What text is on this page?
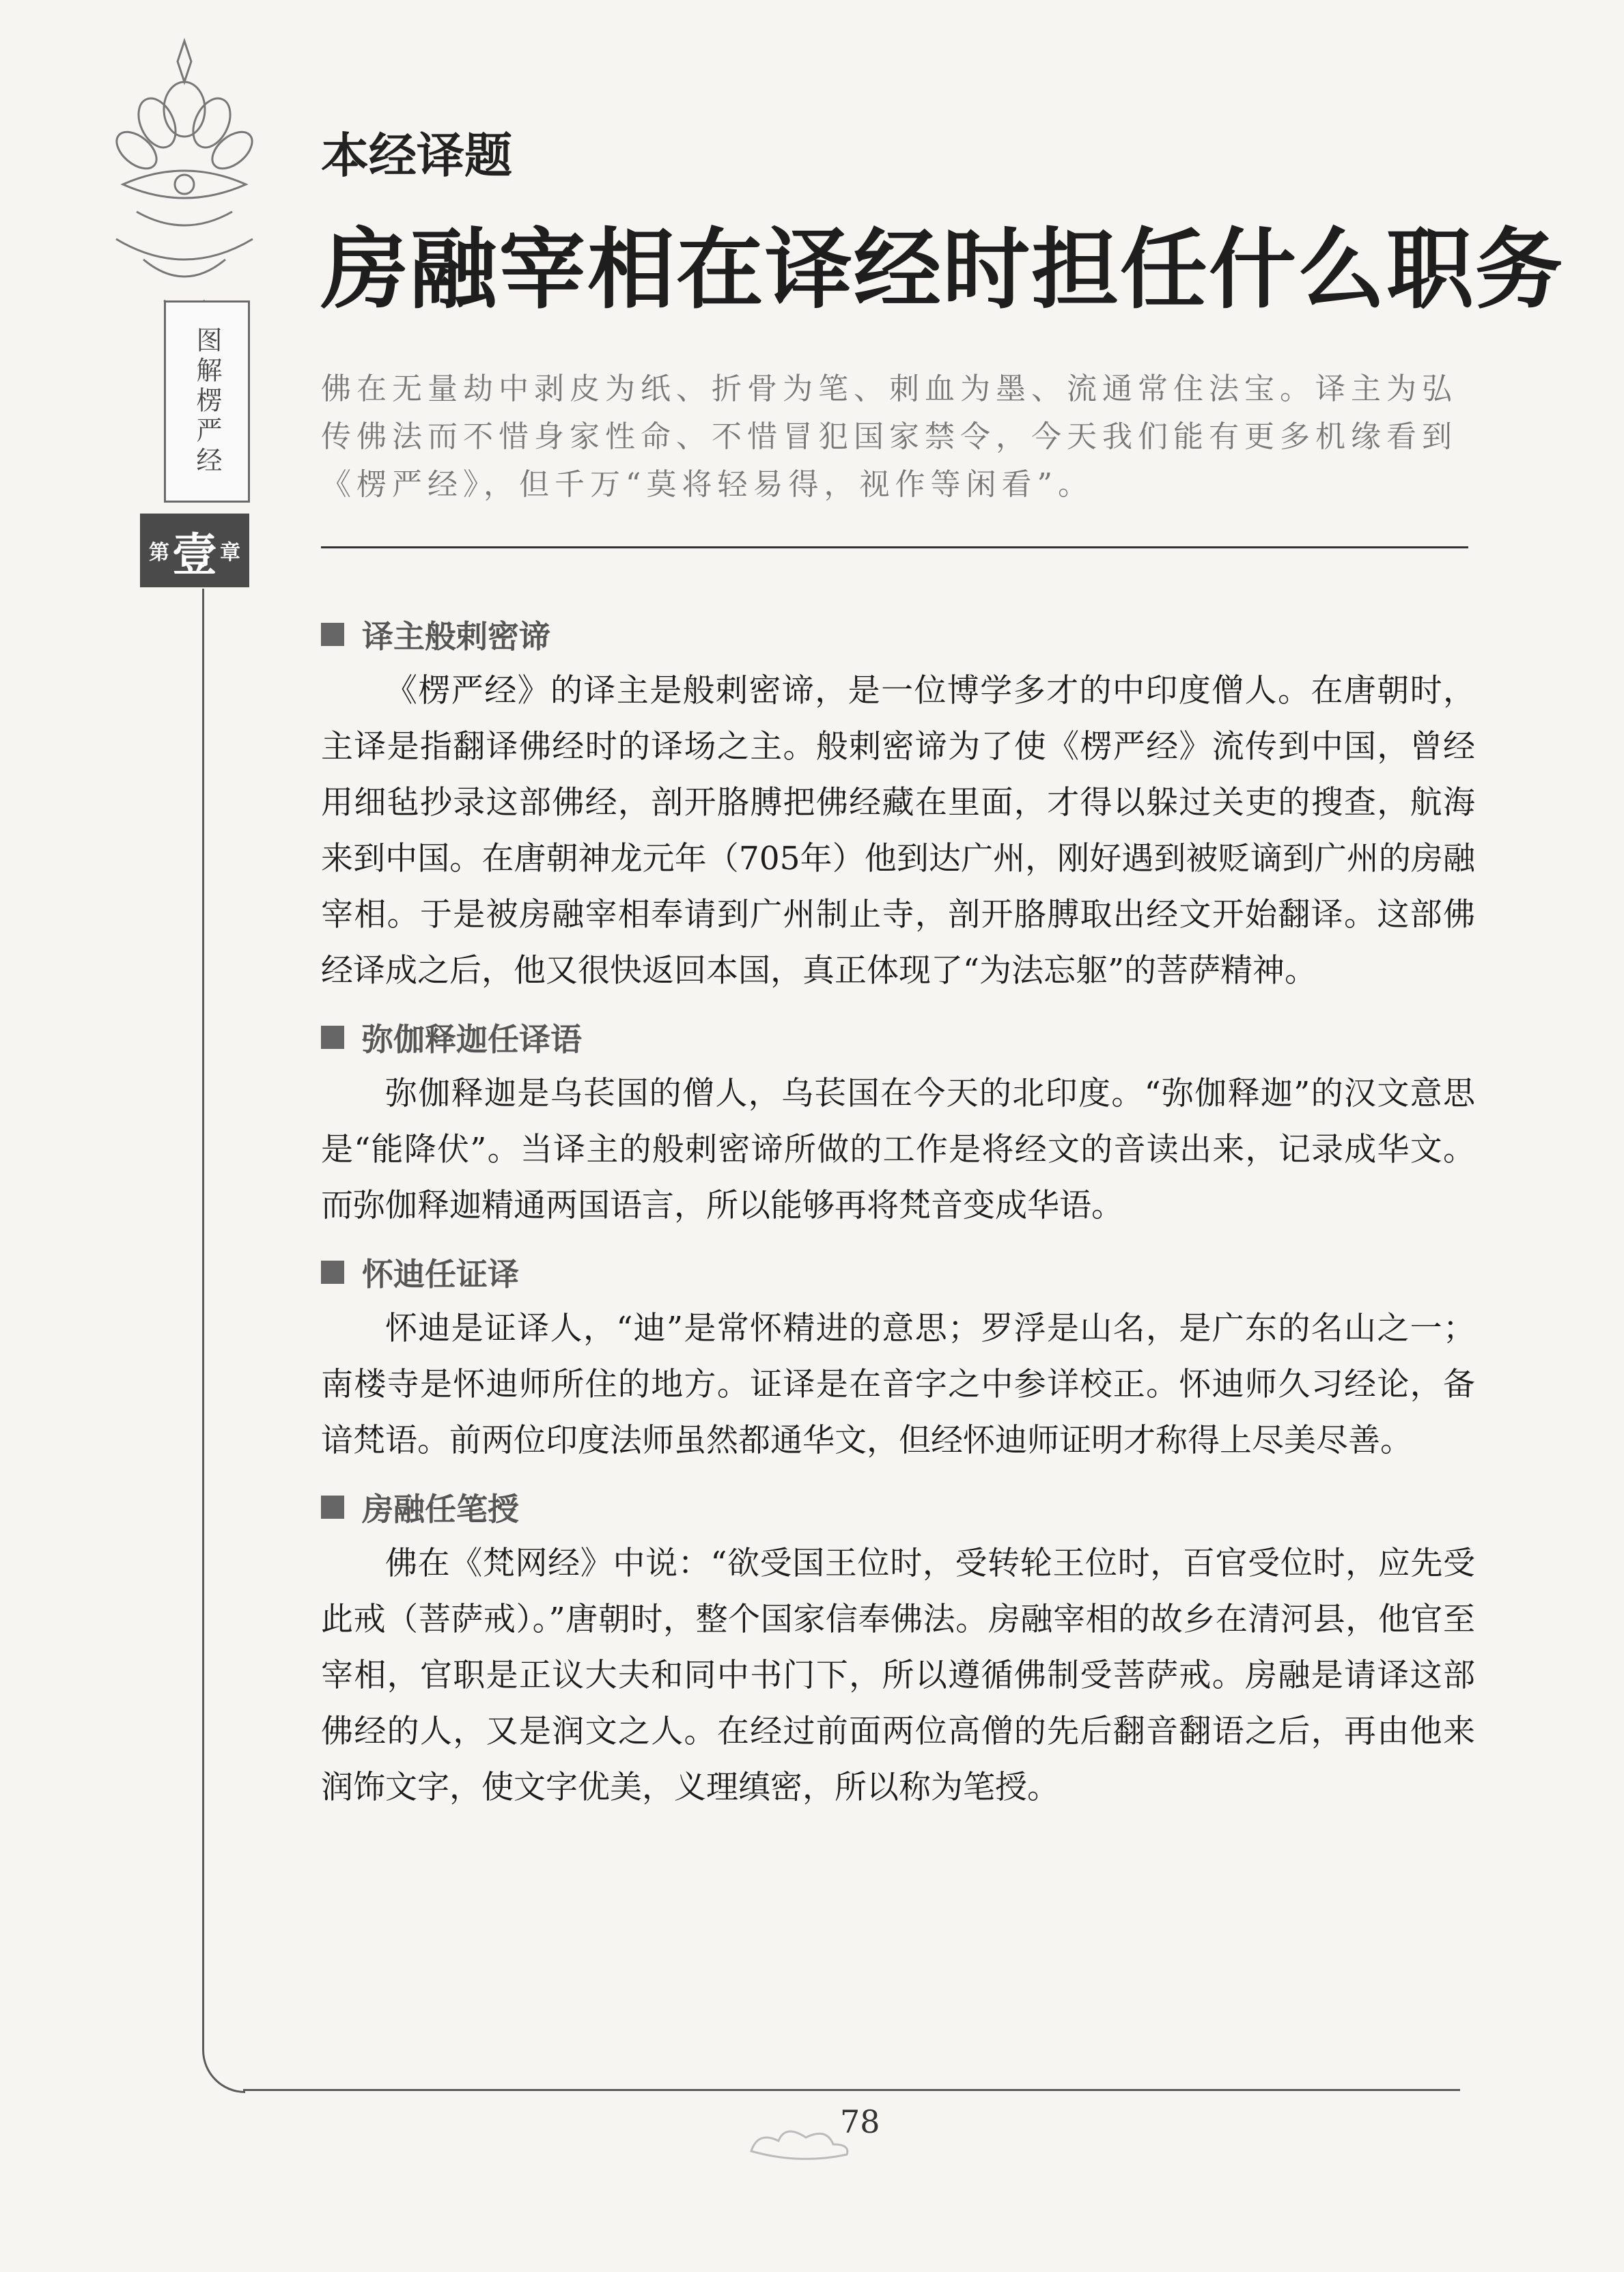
图解楞严经
第 壹 章
本经译题
房融宰相在译经时担任什么职务
佛在无量劫中剥皮为纸、折骨为笔、刺血为墨、流通常住法宝。译主为弘传佛法而不惜身家性命、不惜冒犯国家禁令，今天我们能有更多机缘看到《楞严经》，但千万“莫将轻易得，视作等闲看”。
译主般剌密谛

《楞严经》的译主是般剌密谛，是一位博学多才的中印度僧人。在唐朝时，主译是指翻译佛经时的译场之主。般剌密谛为了使《楞严经》流传到中国，曾经用细毡抄录这部佛经，剖开胳膊把佛经藏在里面，才得以躲过关吏的搜查，航海来到中国。在唐朝神龙元年（705年）他到达广州，刚好遇到被贬谪到广州的房融宰相。于是被房融宰相奉请到广州制止寺，剖开胳膊取出经文开始翻译。这部佛经译成之后，他又很快返回本国，真正体现了“为法忘躯”的菩萨精神。

弥伽释迦任译语

弥伽释迦是乌苌国的僧人，乌苌国在今天的北印度。“弥伽释迦”的汉文意思是“能降伏”。当译主的般剌密谛所做的工作是将经文的音读出来，记录成华文。而弥伽释迦精通两国语言，所以能够再将梵音变成华语。

怀迪任证译

怀迪是证译人，“迪”是常怀精进的意思；罗浮是山名，是广东的名山之一；南楼寺是怀迪师所住的地方。证译是在音字之中参详校正。怀迪师久习经论，备谙梵语。前两位印度法师虽然都通华文，但经怀迪师证明才称得上尽美尽善。

房融任笔授

佛在《梵网经》中说：“欲受国王位时，受转轮王位时，百官受位时，应先受此戒（菩萨戒）。”唐朝时，整个国家信奉佛法。房融宰相的故乡在清河县，他官至宰相，官职是正议大夫和同中书门下，所以遵循佛制受菩萨戒。房融是请译这部佛经的人，又是润文之人。在经过前面两位高僧的先后翻音翻语之后，再由他来润饰文字，使文字优美，义理缜密，所以称为笔授。

78
